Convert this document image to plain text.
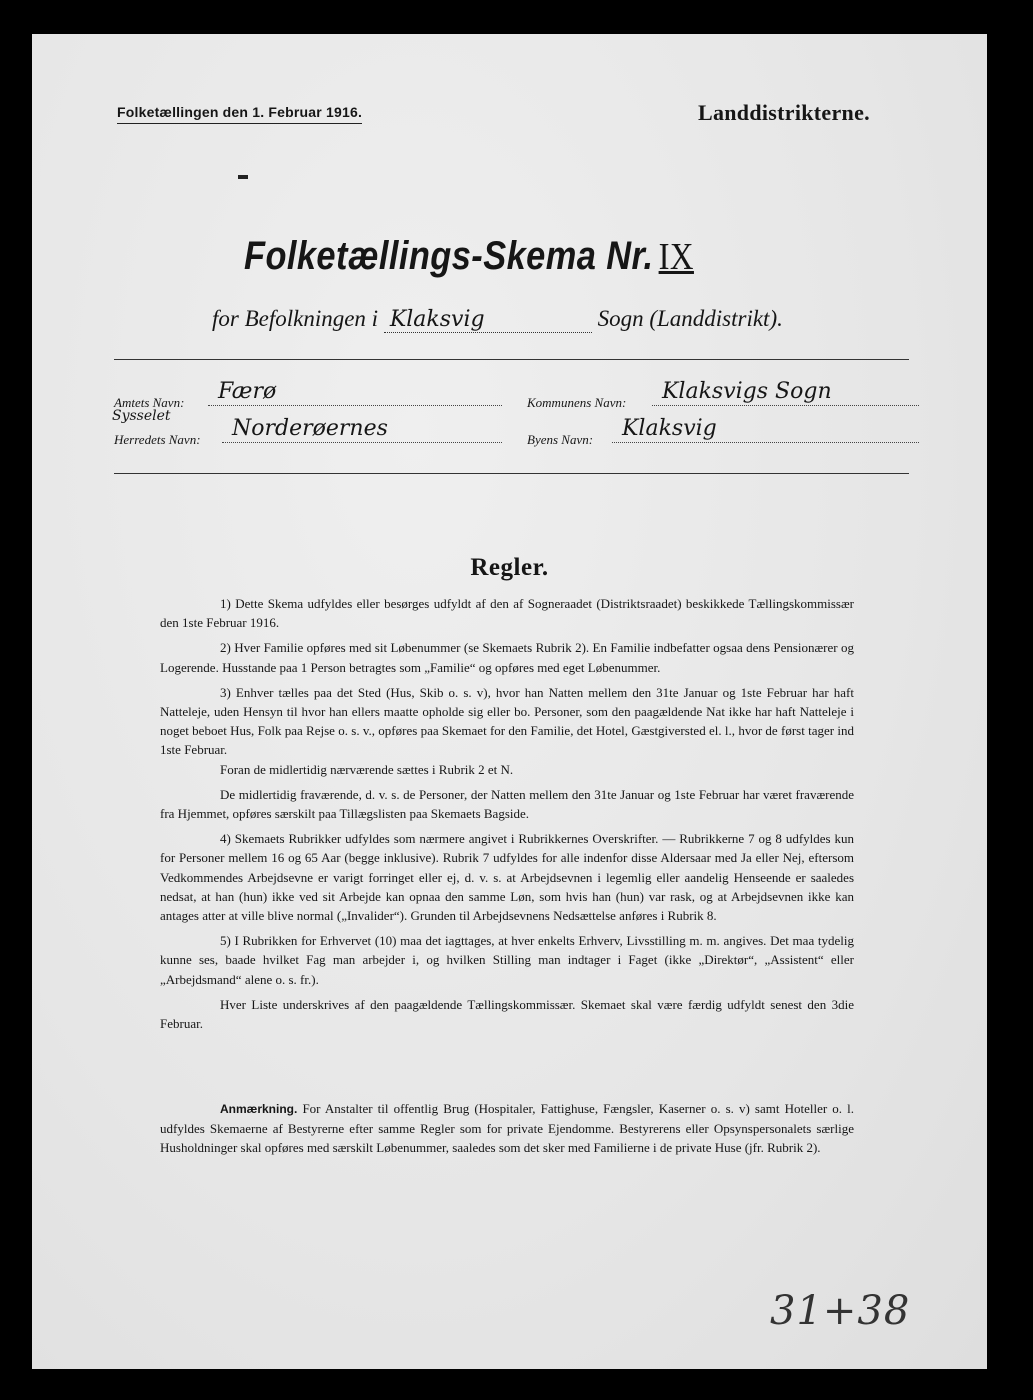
Folketællingen den 1. Februar 1916.	Landdistrikterne.
Folketællings-Skema Nr. IX
for Befolkningen i Klaksvig	Sogn (Landdistrikt).
Amtets Navn:	Færø	Kommunens Navn:	Klaksvigs Sogn
Sysselet
Herredets Navn:	Norderøernes	Byens Navn:	Klaksvig
Regler.

1) Dette Skema udfyldes eller besørges udfyldt af den af Sogneraadet (Distriktsraadet) beskikkede Tællingskommissær den 1ste Februar 1916.

2) Hver Familie opføres med sit Løbenummer (se Skemaets Rubrik 2). En Familie indbefatter ogsaa dens Pensionærer og Logerende. Husstande paa 1 Person betragtes som „Familie“ og opføres med eget Løbenummer.

3) Enhver tælles paa det Sted (Hus, Skib o. s. v), hvor han Natten mellem den 31te Januar og 1ste Februar har haft Natteleje, uden Hensyn til hvor han ellers maatte opholde sig eller bo. Personer, som den paagældende Nat ikke har haft Natteleje i noget beboet Hus, Folk paa Rejse o. s. v., opføres paa Skemaet for den Familie, det Hotel, Gæstgiversted el. l., hvor de først tager ind 1ste Februar.

Foran de midlertidig nærværende sættes i Rubrik 2 et N.

De midlertidig fraværende, d. v. s. de Personer, der Natten mellem den 31te Januar og 1ste Februar har været fraværende fra Hjemmet, opføres særskilt paa Tillægslisten paa Skemaets Bagside.

4) Skemaets Rubrikker udfyldes som nærmere angivet i Rubrikkernes Overskrifter. — Rubrikkerne 7 og 8 udfyldes kun for Personer mellem 16 og 65 Aar (begge inklusive). Rubrik 7 udfyldes for alle indenfor disse Aldersaar med Ja eller Nej, eftersom Vedkommendes Arbejdsevne er varigt forringet eller ej, d. v. s. at Arbejdsevnen i legemlig eller aandelig Henseende er saaledes nedsat, at han (hun) ikke ved sit Arbejde kan opnaa den samme Løn, som hvis han (hun) var rask, og at Arbejdsevnen ikke kan antages atter at ville blive normal („Invalider“). Grunden til Arbejdsevnens Nedsættelse anføres i Rubrik 8.

5) I Rubrikken for Erhvervet (10) maa det iagttages, at hver enkelts Erhverv, Livsstilling m. m. angives. Det maa tydelig kunne ses, baade hvilket Fag man arbejder i, og hvilken Stilling man indtager i Faget (ikke „Direktør“, „Assistent“ eller „Arbejdsmand“ alene o. s. fr.).

Hver Liste underskrives af den paagældende Tællingskommissær. Skemaet skal være færdig udfyldt senest den 3die Februar.

Anmærkning. For Anstalter til offentlig Brug (Hospitaler, Fattighuse, Fængsler, Kaserner o. s. v) samt Hoteller o. l. udfyldes Skemaerne af Bestyrerne efter samme Regler som for private Ejendomme. Bestyrerens eller Opsynspersonalets særlige Husholdninger skal opføres med særskilt Løbenummer, saaledes som det sker med Familierne i de private Huse (jfr. Rubrik 2).

31+38
